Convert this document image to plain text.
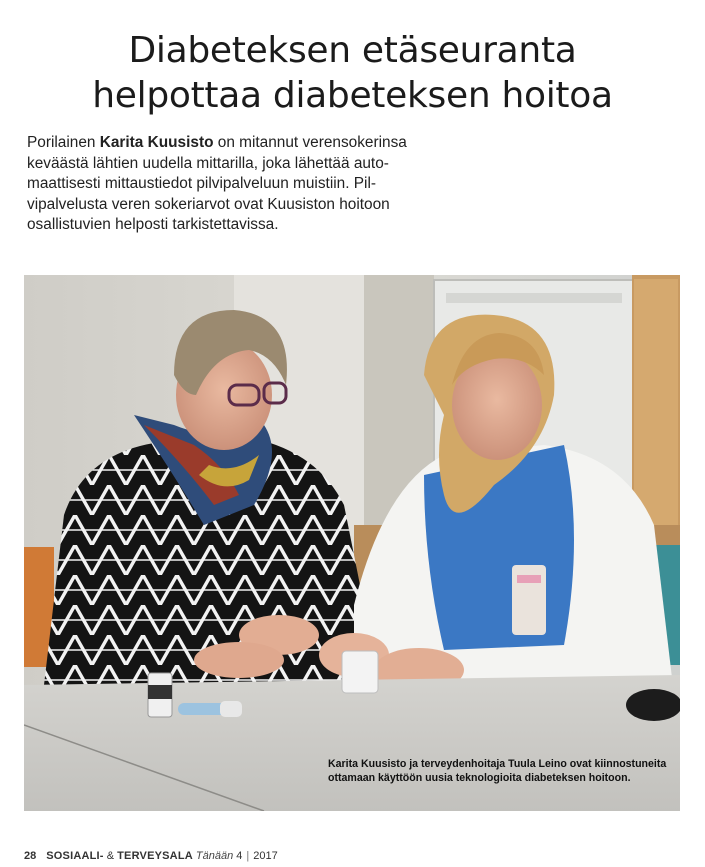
Diabeteksen etäseuranta
helpottaa diabeteksen hoitoa
Porilainen Karita Kuusisto on mitannut verensokerinsa
keväästä lähtien uudella mittarilla, joka lähettää auto-
maattisesti mittaustiedot pilvipalveluun muistiin. Pil-
vipalvelusta veren sokeriarvot ovat Kuusiston hoitoon
osallistuvien helposti tarkistettavissa.
Karita Kuusisto ja terveydenhoitaja Tuula Leino ovat kiinnostuneita
ottamaan käyttöön uusia teknologioita diabeteksen hoitoon.
28 SOSIAALI- & TERVEYSALA Tänään 4 | 2017
